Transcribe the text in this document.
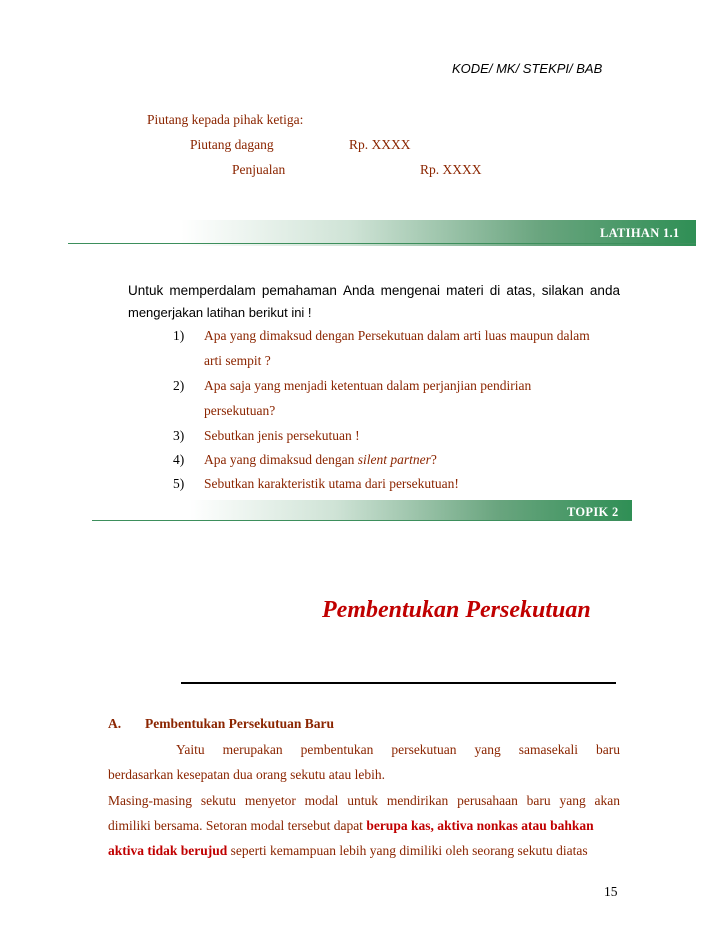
KODE/ MK/ STEKPI/ BAB
Piutang kepada pihak ketiga:
Piutang dagang	Rp. XXXX
Penjualan	Rp. XXXX
LATIHAN 1.1
Untuk memperdalam pemahaman Anda mengenai materi di atas, silakan anda
mengerjakan latihan berikut ini !
1) Apa yang dimaksud dengan Persekutuan dalam arti luas maupun dalam
arti sempit ?
2) Apa saja yang menjadi ketentuan dalam perjanjian pendirian
persekutuan?
3) Sebutkan jenis persekutuan !
4) Apa yang dimaksud dengan silent partner?
5) Sebutkan karakteristik utama dari persekutuan!
TOPIK 2
Pembentukan Persekutuan
A. Pembentukan Persekutuan Baru
Yaitu merupakan pembentukan persekutuan yang samasekali baru
berdasarkan kesepatan dua orang sekutu atau lebih.
Masing-masing sekutu menyetor modal untuk mendirikan perusahaan baru yang akan
dimiliki bersama. Setoran modal tersebut dapat berupa kas, aktiva nonkas atau bahkan
aktiva tidak berujud seperti kemampuan lebih yang dimiliki oleh seorang sekutu diatas
15
